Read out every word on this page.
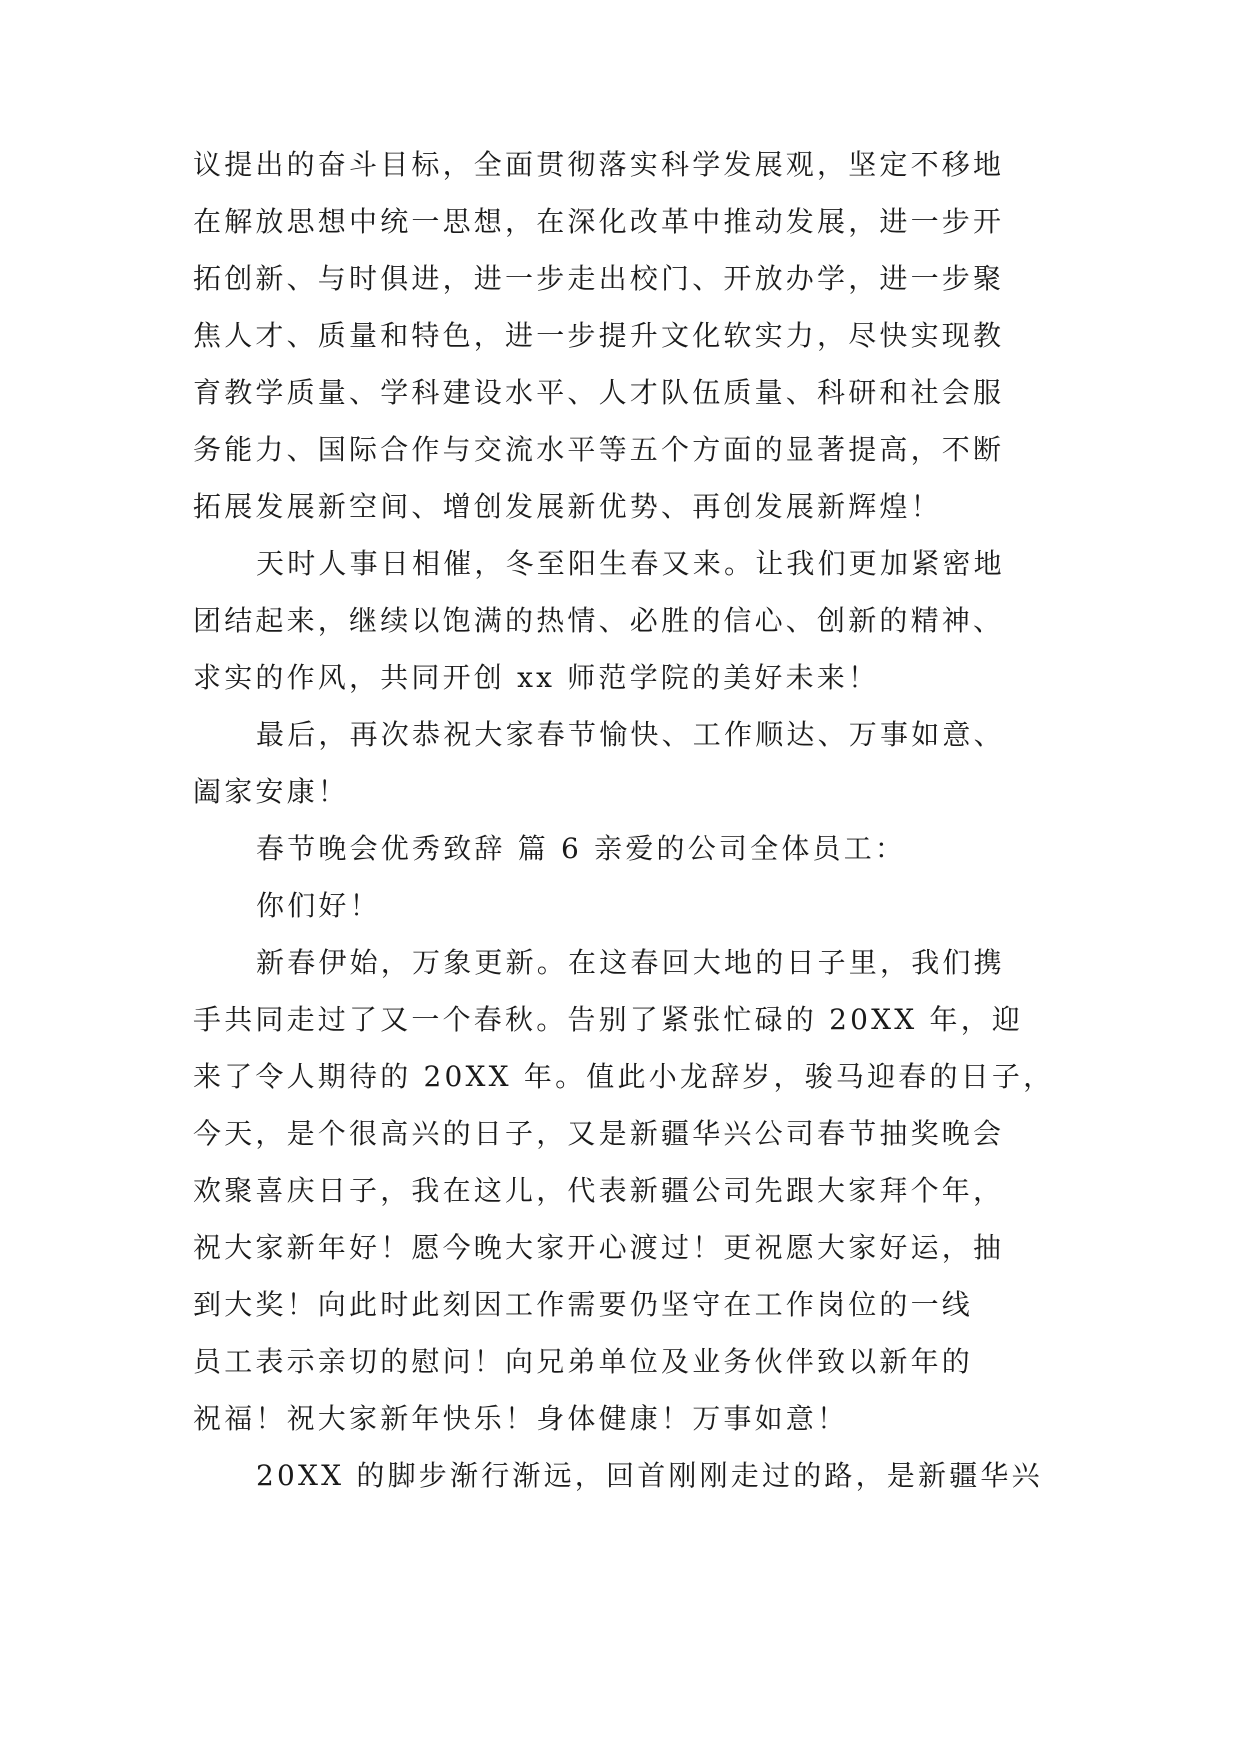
议提出的奋斗目标，全面贯彻落实科学发展观，坚定不移地
在解放思想中统一思想，在深化改革中推动发展，进一步开
拓创新、与时俱进，进一步走出校门、开放办学，进一步聚
焦人才、质量和特色，进一步提升文化软实力，尽快实现教
育教学质量、学科建设水平、人才队伍质量、科研和社会服
务能力、国际合作与交流水平等五个方面的显著提高，不断
拓展发展新空间、增创发展新优势、再创发展新辉煌！
天时人事日相催，冬至阳生春又来。让我们更加紧密地
团结起来，继续以饱满的热情、必胜的信心、创新的精神、
求实的作风，共同开创 xx 师范学院的美好未来！
最后，再次恭祝大家春节愉快、工作顺达、万事如意、
阖家安康！
春节晚会优秀致辞 篇 6 亲爱的公司全体员工：
你们好！
新春伊始，万象更新。在这春回大地的日子里，我们携
手共同走过了又一个春秋。告别了紧张忙碌的 20XX 年，迎
来了令人期待的 20XX 年。值此小龙辞岁，骏马迎春的日子，
今天，是个很高兴的日子，又是新疆华兴公司春节抽奖晚会
欢聚喜庆日子，我在这儿，代表新疆公司先跟大家拜个年，
祝大家新年好！愿今晚大家开心渡过！更祝愿大家好运，抽
到大奖！向此时此刻因工作需要仍坚守在工作岗位的一线
员工表示亲切的慰问！向兄弟单位及业务伙伴致以新年的
祝福！祝大家新年快乐！身体健康！万事如意！
20XX 的脚步渐行渐远，回首刚刚走过的路，是新疆华兴
